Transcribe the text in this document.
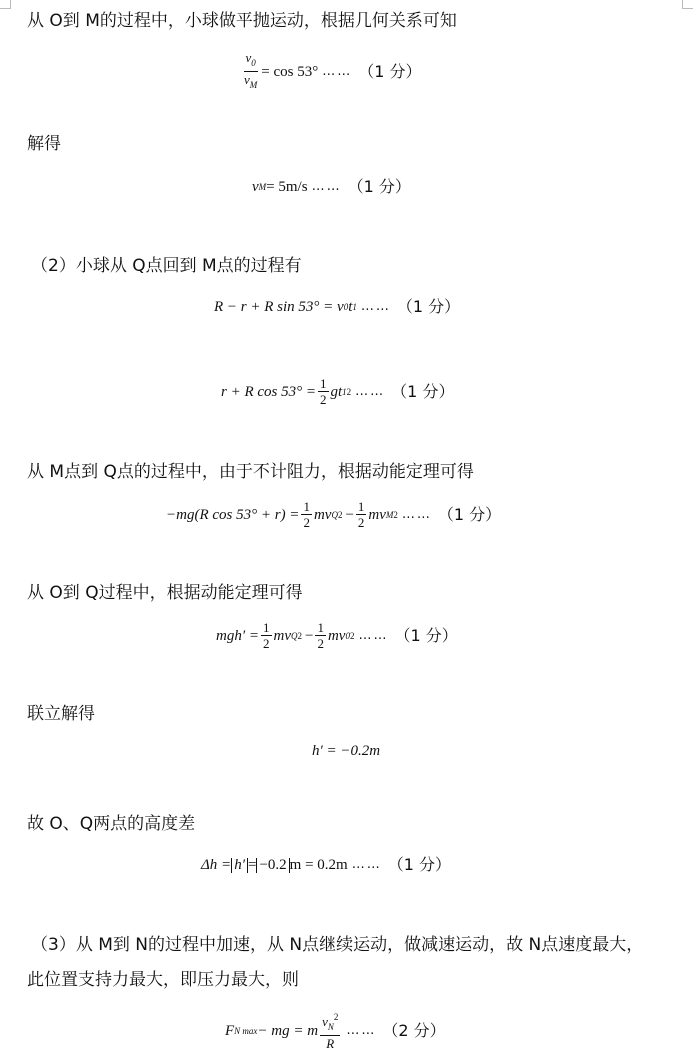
从 O到 M的过程中，小球做平抛运动，根据几何关系可知
$\frac{v_0}{v_M} = \cos 53^\circ$ …… （1 分）
解得
v M = 5m/s …… （1 分）
（2）小球从 Q点回到 M点的过程有
R − r + R sin 53° = v 0 t 1 …… （1 分）
r + R $\cos 53^\circ = \frac{1}{2}$ gt 1 2 …… （1 分）
从 M点到 Q点的过程中，由于不计阻力，根据动能定理可得
−mg(R $\cos 53^\circ + r) = \frac{1}{2}$ mv Q $2 - \frac{1}{2}$ mv M 2 …… （1 分）
从 O到 Q过程中，根据动能定理可得
$mgh' = \frac{1}{2}$ mv Q $2 - \frac{1}{2}$ mv 0 2 …… （1 分）
联立解得
h′ = −0.2m
故 O、Q两点的高度差
Δh = h′ = −0.2 m = 0.2m …… （1 分）
（3）从 M到 N的过程中加速，从 N点继续运动，做减速运动，故 N点速度最大，
此位置支持力最大，即压力最大，则
F N max − mg = m $\frac{v_N^2}{R}$ …… （2 分）
